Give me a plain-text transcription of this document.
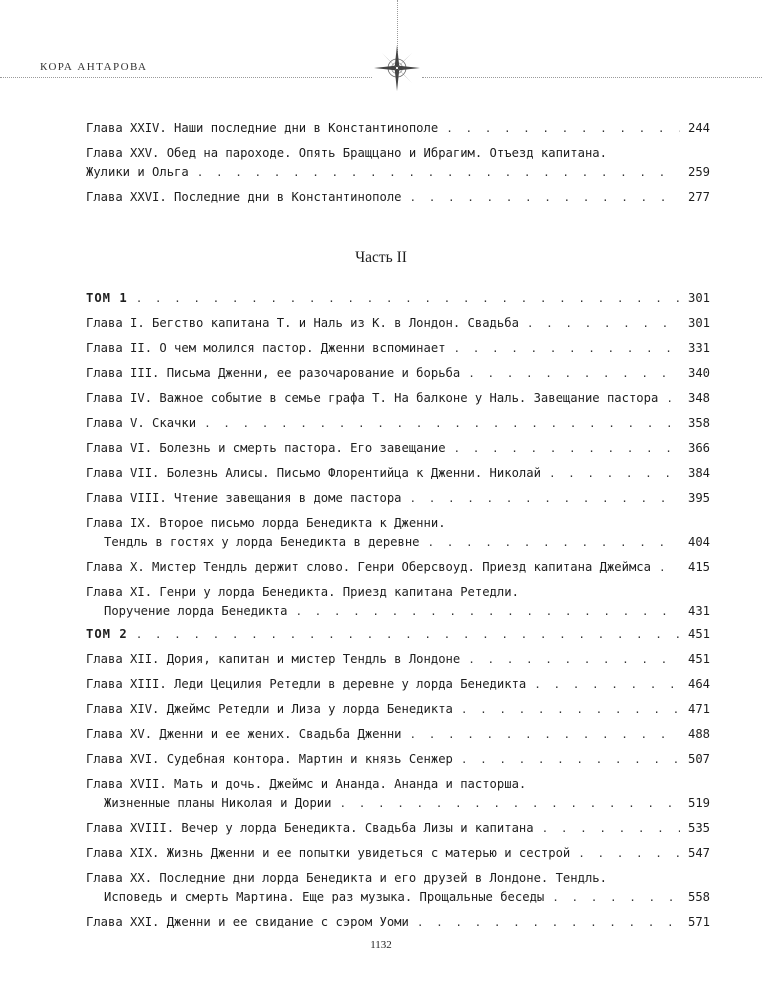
КОРА АНТАРОВА
Глава XXIV. Наши последние дни в Константинополе . . .	244
Глава XXV. Обед на пароходе. Опять Бращцано и Ибрагим. Отъезд капитана.
Жулики и Ольга . . .	259
Глава XXVI. Последние дни в Константинополе . . .	277
Часть II
ТОМ 1 . . .	301
Глава I. Бегство капитана Т. и Наль из К. в Лондон. Свадьба . . .	301
Глава II. О чем молился пастор. Дженни вспоминает . . .	331
Глава III. Письма Дженни, ее разочарование и борьба . . .	340
Глава IV. Важное событие в семье графа Т. На балконе у Наль. Завещание пастора . . .	348
Глава V. Скачки . . .	358
Глава VI. Болезнь и смерть пастора. Его завещание . . .	366
Глава VII. Болезнь Алисы. Письмо Флорентийца к Дженни. Николай . . .	384
Глава VIII. Чтение завещания в доме пастора . . .	395
Глава IX. Второе письмо лорда Бенедикта к Дженни.
Тендль в гостях у лорда Бенедикта в деревне . . .	404
Глава X. Мистер Тендль держит слово. Генри Оберсвоуд. Приезд капитана Джеймса . . .	415
Глава XI. Генри у лорда Бенедикта. Приезд капитана Ретедли.
Поручение лорда Бенедикта . . .	431
ТОМ 2 . . .	451
Глава XII. Дория, капитан и мистер Тендль в Лондоне . . .	451
Глава XIII. Леди Цецилия Ретедли в деревне у лорда Бенедикта . . .	464
Глава XIV. Джеймс Ретедли и Лиза у лорда Бенедикта . . .	471
Глава XV. Дженни и ее жених. Свадьба Дженни . . .	488
Глава XVI. Судебная контора. Мартин и князь Сенжер . . .	507
Глава XVII. Мать и дочь. Джеймс и Ананда. Ананда и пасторша.
Жизненные планы Николая и Дории . . .	519
Глава XVIII. Вечер у лорда Бенедикта. Свадьба Лизы и капитана . . .	535
Глава XIX. Жизнь Дженни и ее попытки увидеться с матерью и сестрой . . .	547
Глава XX. Последние дни лорда Бенедикта и его друзей в Лондоне. Тендль.
Исповедь и смерть Мартина. Еще раз музыка. Прощальные беседы . . .	558
Глава XXI. Дженни и ее свидание с сэром Уоми . . .	571
1132
